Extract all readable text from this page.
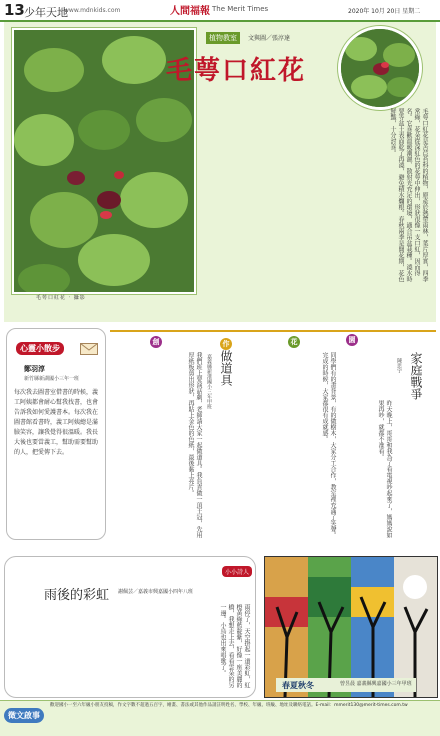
13 少年天地
www.mdnkids.com	人間福報 The Merit Times	2020年 10月 20日 星期二
毛萼口紅花 ‧ 攝影
植物教室	文與圖／張淳達
毛萼口紅花
毛萼口紅花是苦苣苔科的植物，原產於熱帶雨林，葉片厚實，四季常綠，花朵從深紅色的花萼中伸出，形狀很像一支口紅，因而得名。它喜歡溫暖潮濕、散射光充足的環境，適合吊盆栽種。澆水時要等盆土表面乾了再澆，避免積水爛根。春秋兩季是開花期，花色鮮豔，十分討喜。
心靈小散步
鄭羽淳
新竹縣新湖國小三年一班
每次我去圖書室借書的時候，義工阿姨都會耐心幫我找書，也會告訴我如何愛護書本。每次我在圖書館看書時，義工阿姨總是滿臉笑容，讓我覺得很溫暖。我長大後也要當義工，幫助需要幫助的人，把愛傳下去。
創	作	花	園
做道具
嘉義縣新港國小三年甲班	家庭戰爭
陳思宇
我們班上要演話劇，老師請大家一起做道具。我負責做一頂王冠，先用厚紙板剪出形狀，再貼上金色的色紙，最後黏上亮片。	同學們有的畫背景，有的做樹木，大家分工合作，教室裡充滿了笑聲。完成的時候，大家都很有成就感。
昨天晚上，哥哥和我為了看電視吵起來了，媽媽說如果再吵，就都不准看。
小小詩人
雨後的彩虹 謝佩芸／嘉義市興嘉國小四年八班
雨停了，天空掛起一道彩虹，紅橙黃綠藍靛紫，好像一座美麗的橋，我想走上去，看看雲朵的另一邊。小鳥也出來唱歌了。
春夏秋冬	曾昱晨 嘉義縣興嘉國小三年甲班
徵文啟事
歡迎國小一至六年級小朋友投稿，作文字數不超過五百字，繪畫、書法或其他作品請註明姓名、學校、年級、班級、地址及聯絡電話。E-mail：mmerit130@merit-times.com.tw
